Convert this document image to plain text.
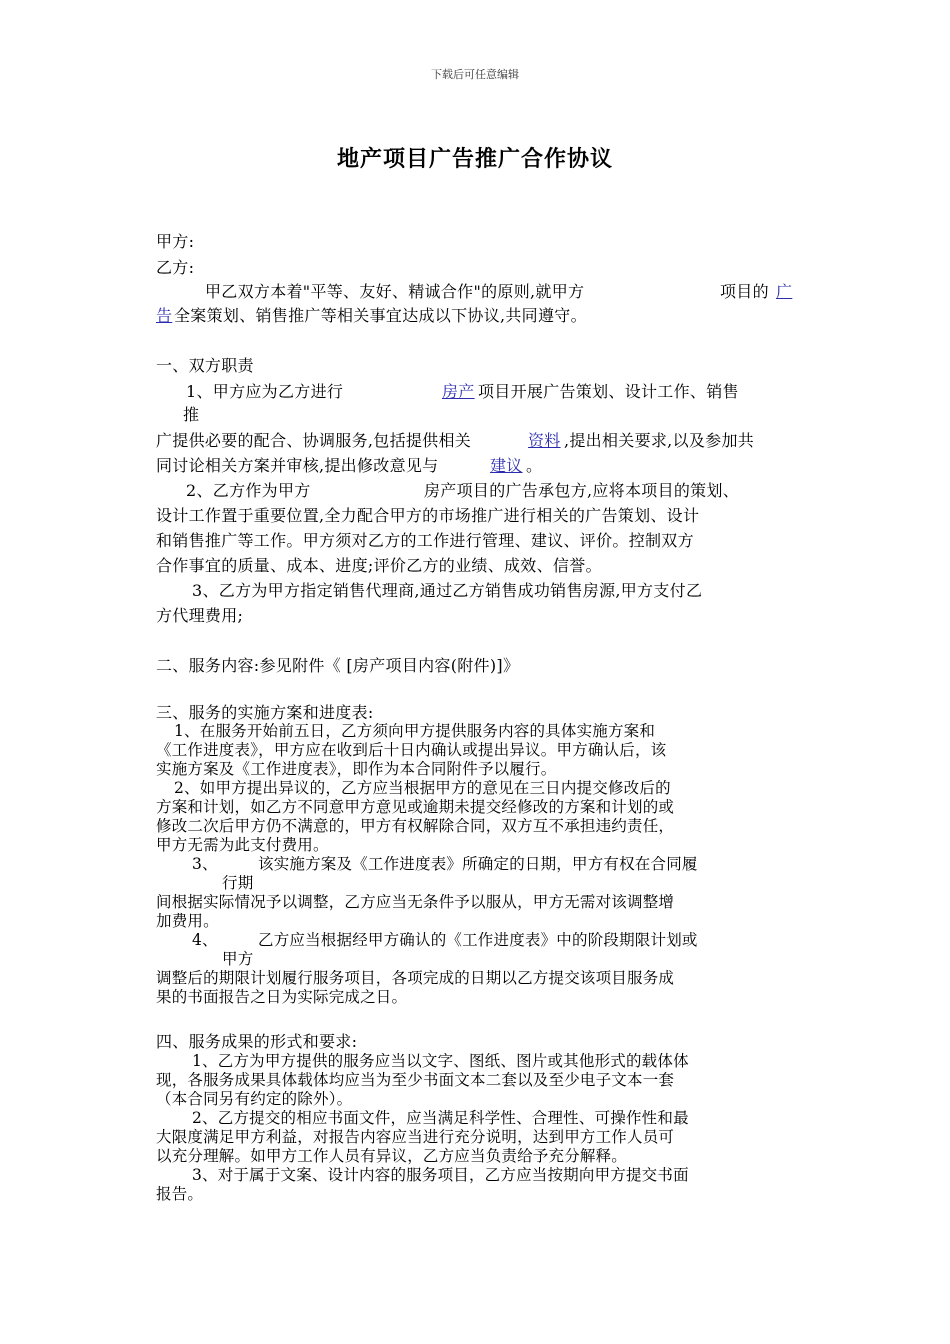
下载后可任意编辑
地产项目广告推广合作协议
甲方:
乙方:
甲乙双方本着"平等、友好、精诚合作"的原则,就甲方	项目的 广
告 全案策划、销售推广等相关事宜达成以下协议,共同遵守。
一、双方职责
1、甲方应为乙方进行	房产 项目开展广告策划、设计工作、销售
推
广提供必要的配合、协调服务,包括提供相关	资料 ,提出相关要求,以及参加共
同讨论相关方案并审核,提出修改意见与	建议 。
2、乙方作为甲方	房产项目的广告承包方,应将本项目的策划、
设计工作置于重要位置,全力配合甲方的市场推广进行相关的广告策划、设计
和销售推广等工作。甲方须对乙方的工作进行管理、建议、评价。控制双方
合作事宜的质量、成本、进度;评价乙方的业绩、成效、信誉。
3、乙方为甲方指定销售代理商,通过乙方销售成功销售房源,甲方支付乙
方代理费用;
二、服务内容:参见附件《 [房产项目内容(附件)]》
三、服务的实施方案和进度表:
1、在服务开始前五日，乙方须向甲方提供服务内容的具体实施方案和
《工作进度表》，甲方应在收到后十日内确认或提出异议。甲方确认后，该
实施方案及《工作进度表》，即作为本合同附件予以履行。
2、如甲方提出异议的，乙方应当根据甲方的意见在三日内提交修改后的
方案和计划，如乙方不同意甲方意见或逾期未提交经修改的方案和计划的或
修改二次后甲方仍不满意的，甲方有权解除合同，双方互不承担违约责任，
甲方无需为此支付费用。
3、	该实施方案及《工作进度表》所确定的日期，甲方有权在合同履
行期
间根据实际情况予以调整，乙方应当无条件予以服从，甲方无需对该调整增
加费用。
4、	乙方应当根据经甲方确认的《工作进度表》中的阶段期限计划或
甲方
调整后的期限计划履行服务项目，各项完成的日期以乙方提交该项目服务成
果的书面报告之日为实际完成之日。
四、服务成果的形式和要求:
1、乙方为甲方提供的服务应当以文字、图纸、图片或其他形式的载体体
现，各服务成果具体载体均应当为至少书面文本二套以及至少电子文本一套
（本合同另有约定的除外）。
2、乙方提交的相应书面文件，应当满足科学性、合理性、可操作性和最
大限度满足甲方利益，对报告内容应当进行充分说明，达到甲方工作人员可
以充分理解。如甲方工作人员有异议，乙方应当负责给予充分解释。
3、对于属于文案、设计内容的服务项目，乙方应当按期向甲方提交书面
报告。
